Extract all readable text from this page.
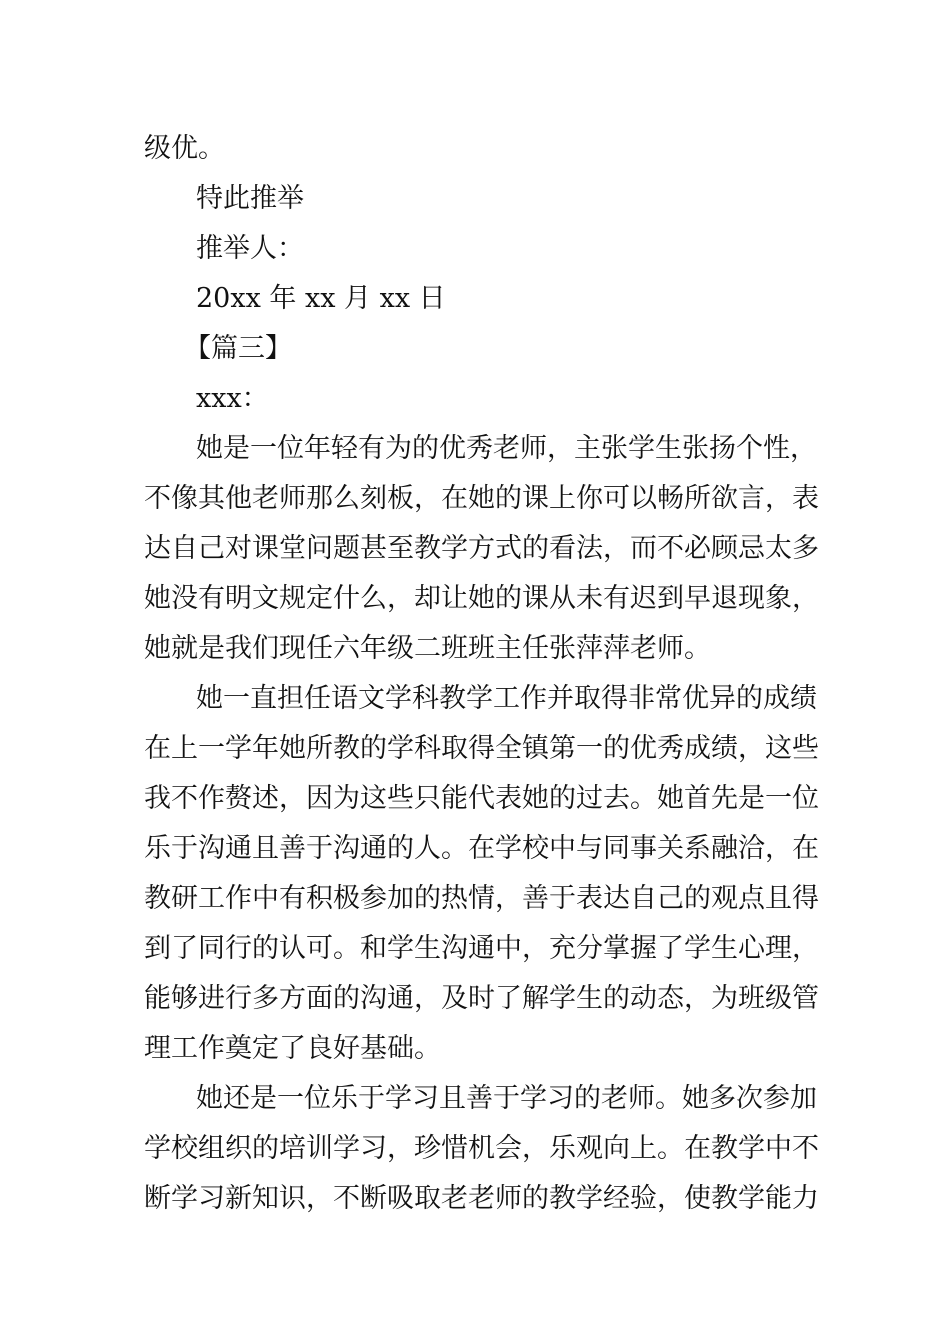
级优。
特此推举
推举人：
20xx 年 xx 月 xx 日
【篇三】
xxx：
她是一位年轻有为的优秀老师，主张学生张扬个性，
不像其他老师那么刻板，在她的课上你可以畅所欲言，表
达自己对课堂问题甚至教学方式的看法，而不必顾忌太多
她没有明文规定什么，却让她的课从未有迟到早退现象，
她就是我们现任六年级二班班主任张萍萍老师。
她一直担任语文学科教学工作并取得非常优异的成绩
在上一学年她所教的学科取得全镇第一的优秀成绩，这些
我不作赘述，因为这些只能代表她的过去。她首先是一位
乐于沟通且善于沟通的人。在学校中与同事关系融洽，在
教研工作中有积极参加的热情，善于表达自己的观点且得
到了同行的认可。和学生沟通中，充分掌握了学生心理，
能够进行多方面的沟通，及时了解学生的动态，为班级管
理工作奠定了良好基础。
她还是一位乐于学习且善于学习的老师。她多次参加
学校组织的培训学习，珍惜机会，乐观向上。在教学中不
断学习新知识，不断吸取老老师的教学经验，使教学能力
